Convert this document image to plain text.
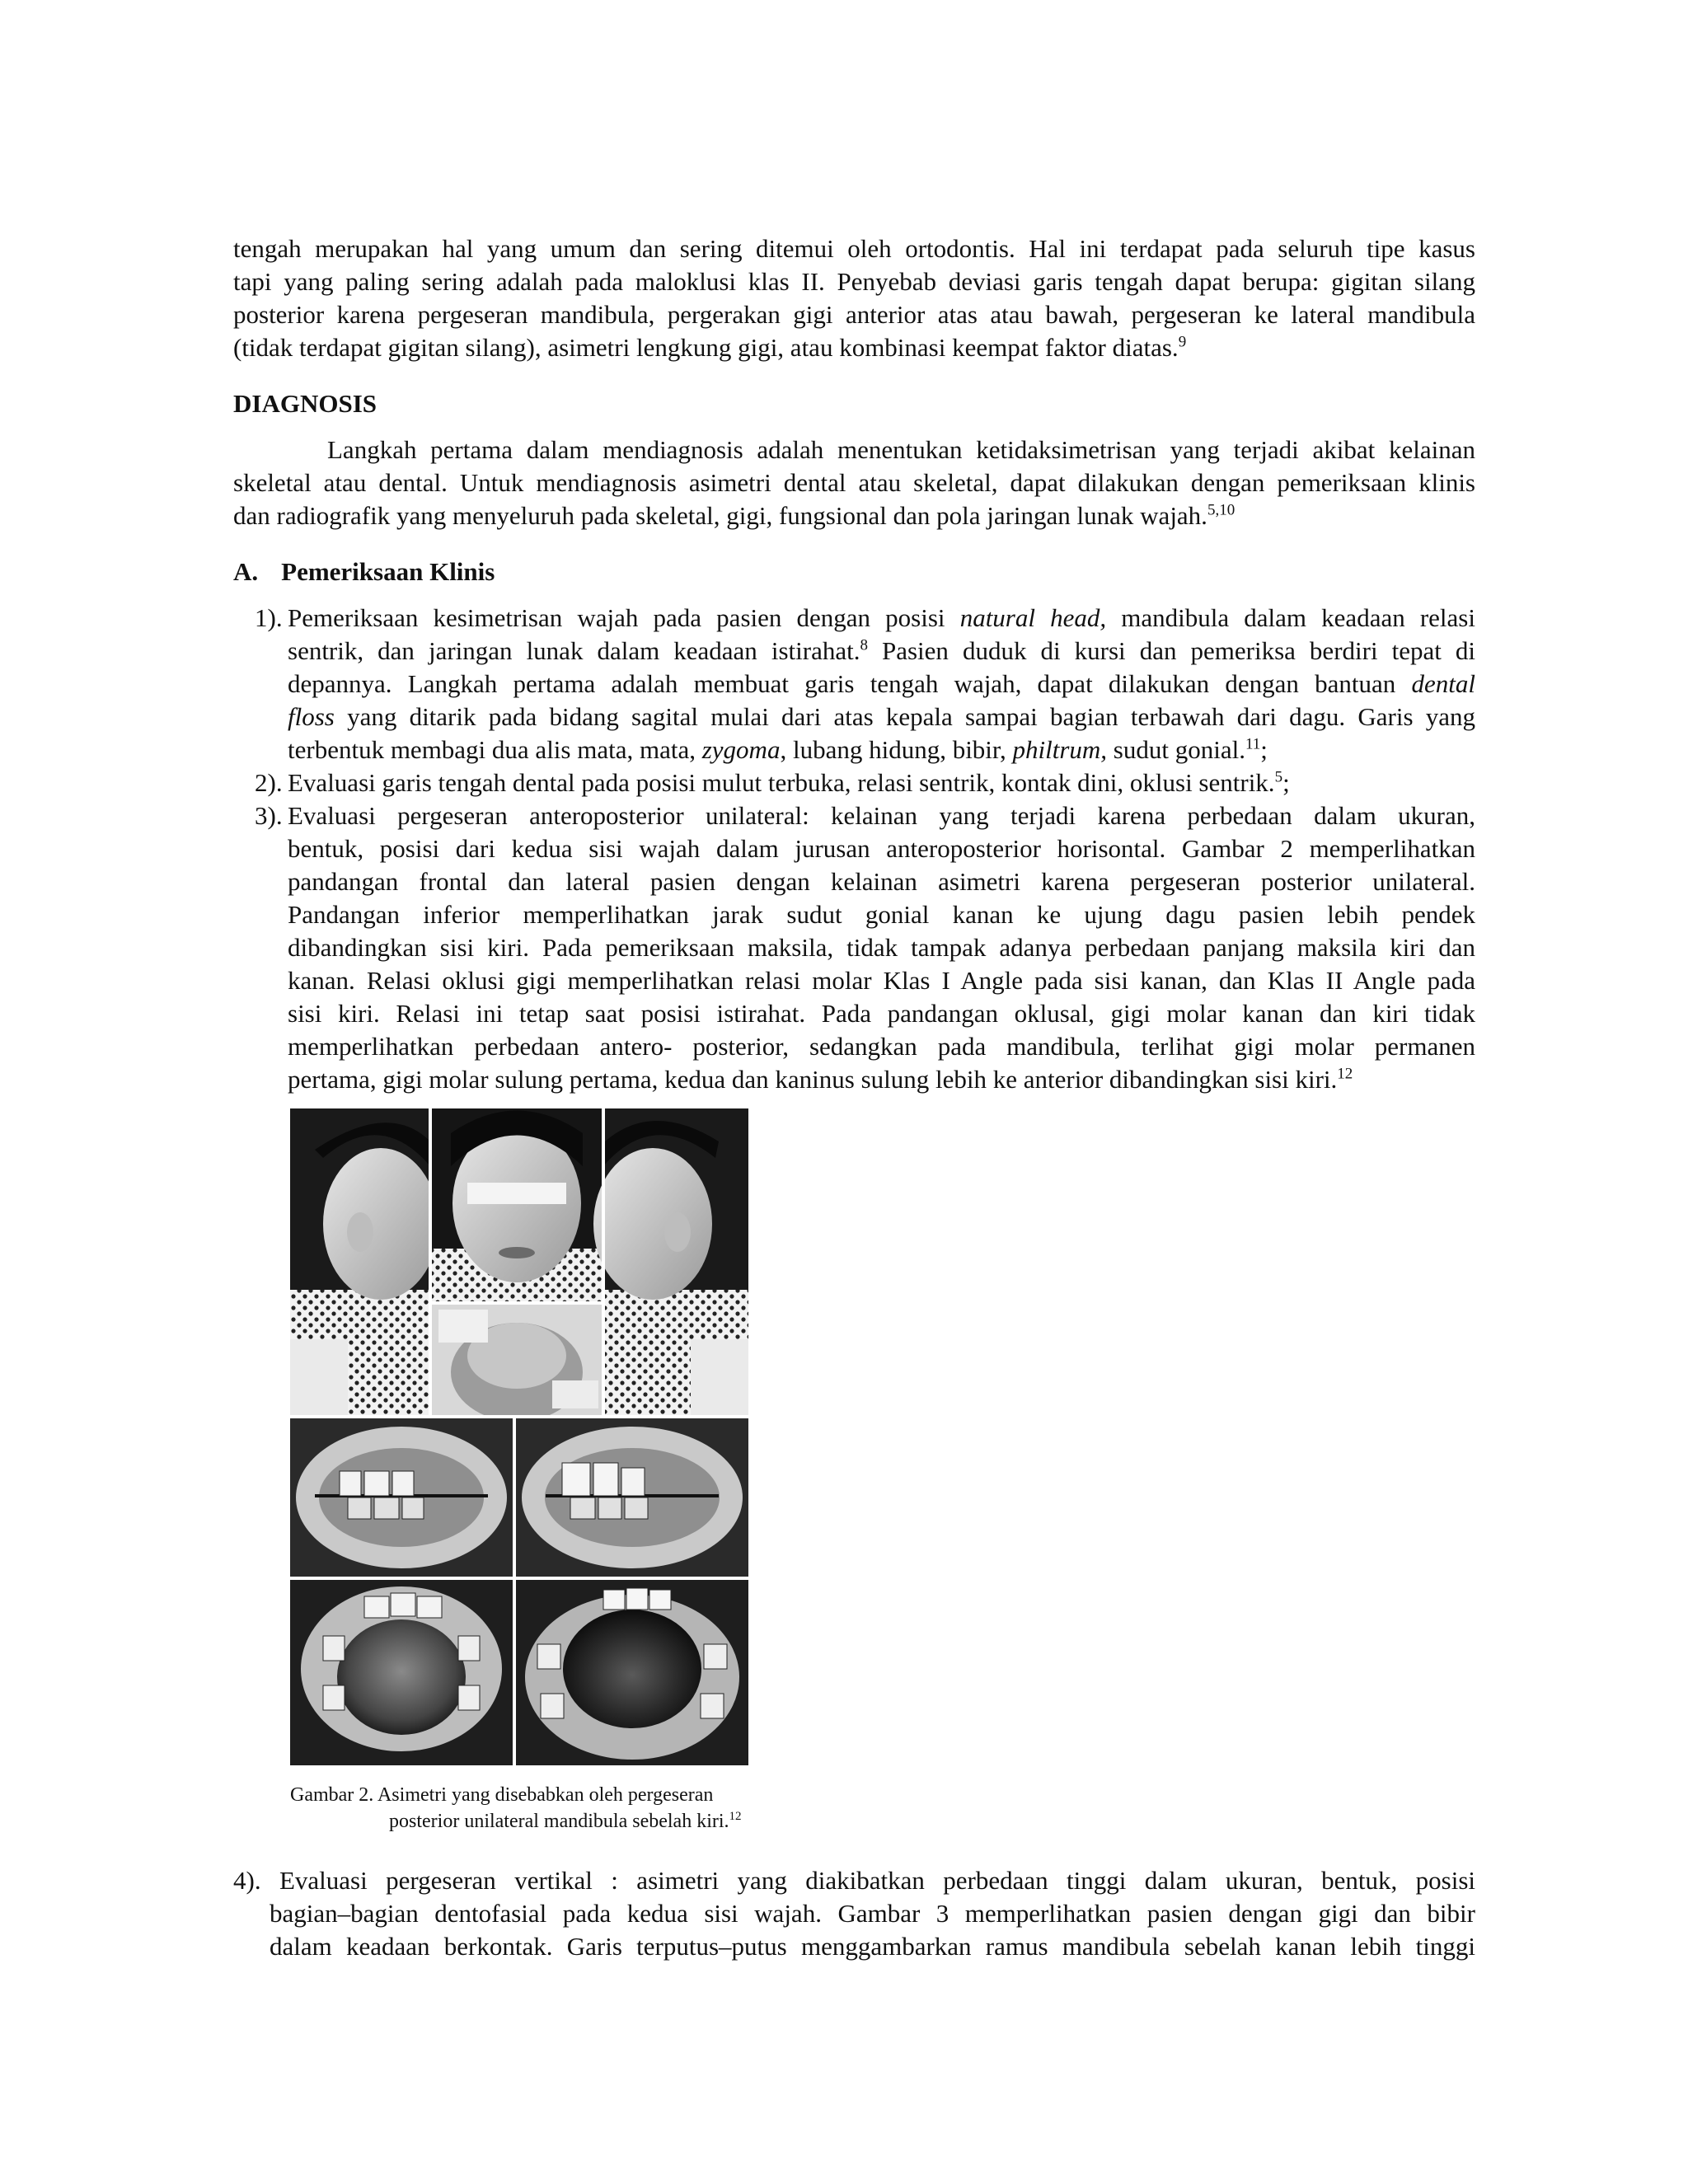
tengah merupakan hal yang umum dan sering ditemui oleh ortodontis. Hal ini terdapat pada seluruh tipe kasus
tapi yang paling sering adalah pada maloklusi klas II. Penyebab deviasi garis tengah dapat berupa: gigitan silang
posterior karena pergeseran mandibula, pergerakan gigi anterior atas atau bawah, pergeseran ke lateral mandibula
(tidak terdapat gigitan silang), asimetri lengkung gigi, atau kombinasi keempat faktor diatas.$^9$
DIAGNOSIS
Langkah pertama dalam mendiagnosis adalah menentukan ketidaksimetrisan yang terjadi akibat kelainan
skeletal atau dental. Untuk mendiagnosis asimetri dental atau skeletal, dapat dilakukan dengan pemeriksaan klinis
dan radiografik yang menyeluruh pada skeletal, gigi, fungsional dan pola jaringan lunak wajah.$^{5,10}$
A. Pemeriksaan Klinis
1). Pemeriksaan kesimetrisan wajah pada pasien dengan posisi natural head, mandibula dalam keadaan relasi
sentrik, dan jaringan lunak dalam keadaan istirahat.$^8$ Pasien duduk di kursi dan pemeriksa berdiri tepat di
depannya. Langkah pertama adalah membuat garis tengah wajah, dapat dilakukan dengan bantuan dental
floss yang ditarik pada bidang sagital mulai dari atas kepala sampai bagian terbawah dari dagu. Garis yang
terbentuk membagi dua alis mata, mata, zygoma, lubang hidung, bibir, philtrum, sudut gonial.$^{11}$;
2). Evaluasi garis tengah dental pada posisi mulut terbuka, relasi sentrik, kontak dini, oklusi sentrik.$^5$;
3). Evaluasi pergeseran anteroposterior unilateral: kelainan yang terjadi karena perbedaan dalam ukuran,
bentuk, posisi dari kedua sisi wajah dalam jurusan anteroposterior horisontal. Gambar 2 memperlihatkan
pandangan frontal dan lateral pasien dengan kelainan asimetri karena pergeseran posterior unilateral.
Pandangan inferior memperlihatkan jarak sudut gonial kanan ke ujung dagu pasien lebih pendek
dibandingkan sisi kiri. Pada pemeriksaan maksila, tidak tampak adanya perbedaan panjang maksila kiri dan
kanan. Relasi oklusi gigi memperlihatkan relasi molar Klas I Angle pada sisi kanan, dan Klas II Angle pada
sisi kiri. Relasi ini tetap saat posisi istirahat. Pada pandangan oklusal, gigi molar kanan dan kiri tidak
memperlihatkan perbedaan antero- posterior, sedangkan pada mandibula, terlihat gigi molar permanen
pertama, gigi molar sulung pertama, kedua dan kaninus sulung lebih ke anterior dibandingkan sisi kiri.$^{12}$
Gambar 2. Asimetri yang disebabkan oleh pergeseran
posterior unilateral mandibula sebelah kiri.$^{12}$
4). Evaluasi pergeseran vertikal : asimetri yang diakibatkan perbedaan tinggi dalam ukuran, bentuk, posisi
bagian–bagian dentofasial pada kedua sisi wajah. Gambar 3 memperlihatkan pasien dengan gigi dan bibir
dalam keadaan berkontak. Garis terputus–putus menggambarkan ramus mandibula sebelah kanan lebih tinggi
